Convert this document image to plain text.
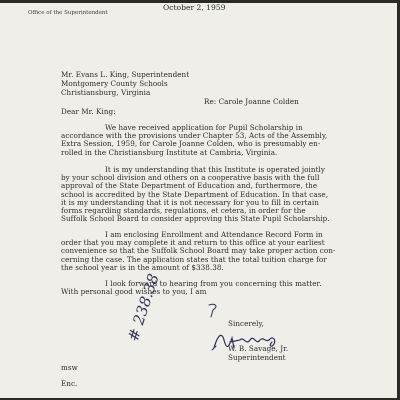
Office of the Superintendent

October 2, 1959

Mr. Evans L. King, Superintendent

Montgomery County Schools

Christiansburg, Virginia

Re: Carole Joanne Colden

Dear Mr. King:

We have received application for Pupil Scholarship in
accordance with the provisions under Chapter 53, Acts of the Assembly,
Extra Session, 1959, for Carole Joanne Colden, who is presumably en-
rolled in the Christiansburg Institute at Cambria, Virginia.
It is my understanding that this Institute is operated jointly
by your school division and others on a cooperative basis with the full
approval of the State Department of Education and, furthermore, the
school is accredited by the State Department of Education. In that case,
it is my understanding that it is not necessary for you to fill in certain
forms regarding standards, regulations, et cetera, in order for the
Suffolk School Board to consider approving this State Pupil Scholarship.
I am enclosing Enrollment and Attendance Record Form in
order that you may complete it and return to this office at your earliest
convenience so that the Suffolk School Board may take proper action con-
cerning the case. The application states that the total tuition charge for
the school year is in the amount of $338.38.
I look forward to hearing from you concerning this matter.
With personal good wishes to you, I am

Sincerely,

W. B. Savage, Jr.

Superintendent

msw

Enc.

# 238.38
